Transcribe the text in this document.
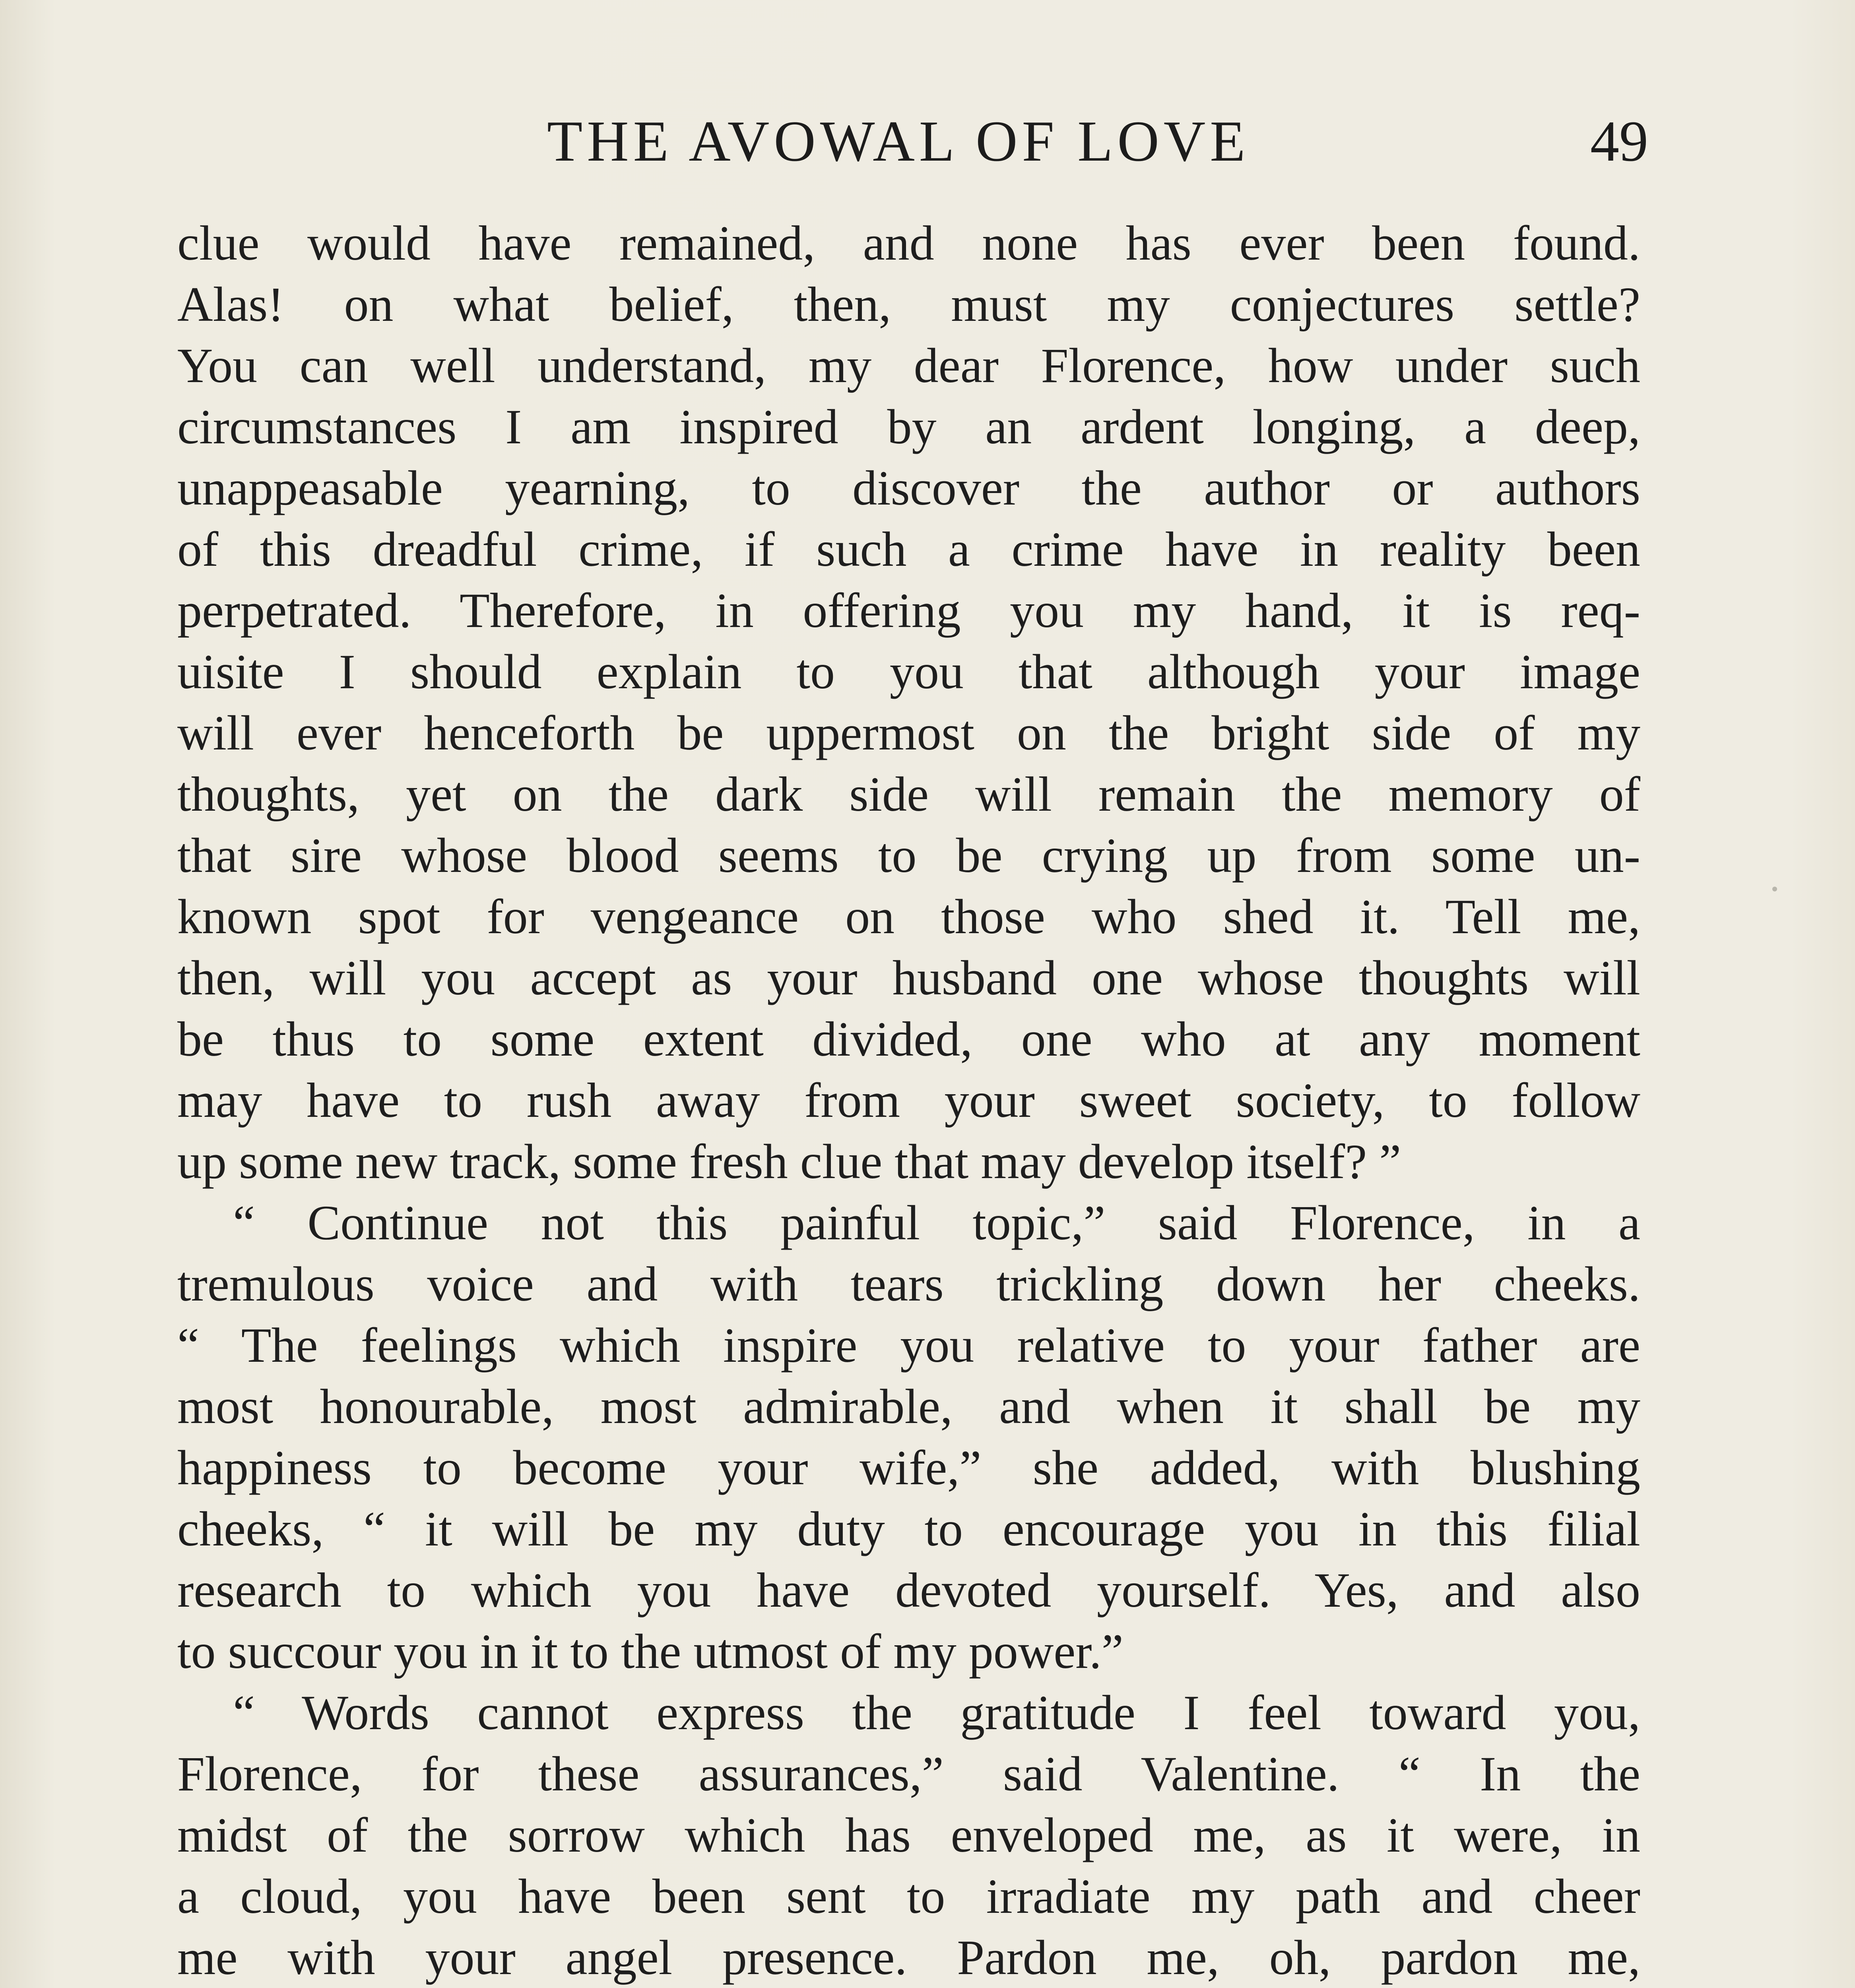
THE AVOWAL OF LOVE	49
clue would have remained, and none has ever been found.
Alas! on what belief, then, must my conjectures settle?
You can well understand, my dear Florence, how under such
circumstances I am inspired by an ardent longing, a deep,
unappeasable yearning, to discover the author or authors
of this dreadful crime, if such a crime have in reality been
perpetrated. Therefore, in offering you my hand, it is req-
uisite I should explain to you that although your image
will ever henceforth be uppermost on the bright side of my
thoughts, yet on the dark side will remain the memory of
that sire whose blood seems to be crying up from some un-
known spot for vengeance on those who shed it. Tell me,
then, will you accept as your husband one whose thoughts will
be thus to some extent divided, one who at any moment
may have to rush away from your sweet society, to follow
up some new track, some fresh clue that may develop itself? ”
“ Continue not this painful topic,” said Florence, in a
tremulous voice and with tears trickling down her cheeks.
“ The feelings which inspire you relative to your father are
most honourable, most admirable, and when it shall be my
happiness to become your wife,” she added, with blushing
cheeks, “ it will be my duty to encourage you in this filial
research to which you have devoted yourself. Yes, and also
to succour you in it to the utmost of my power.”
“ Words cannot express the gratitude I feel toward you,
Florence, for these assurances,” said Valentine. “ In the
midst of the sorrow which has enveloped me, as it were, in
a cloud, you have been sent to irradiate my path and cheer
me with your angel presence. Pardon me, oh, pardon me,
